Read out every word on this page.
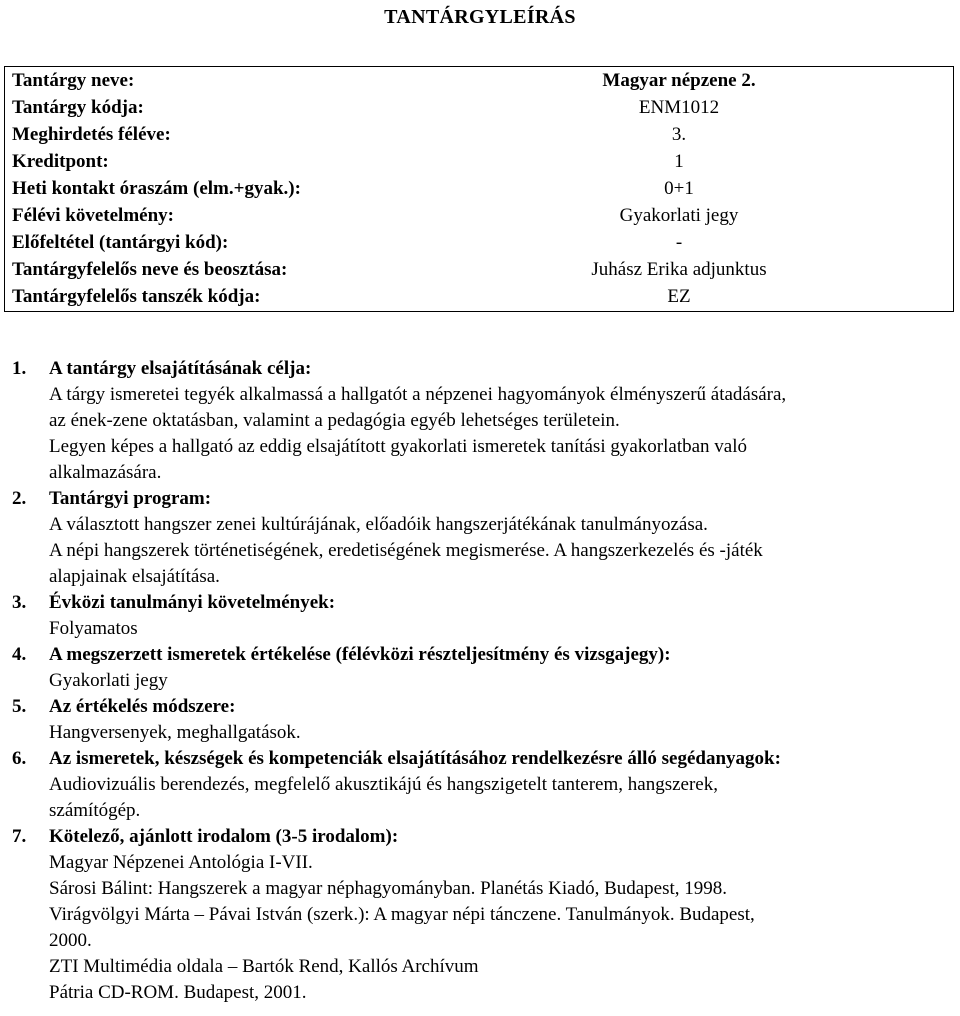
TANTÁRGYLEÍRÁS
Tantárgy neve:	Magyar népzene 2.
Tantárgy kódja:	ENM1012
Meghirdetés féléve:	3.
Kreditpont:	1
Heti kontakt óraszám (elm.+gyak.):	0+1
Félévi követelmény:	Gyakorlati jegy
Előfeltétel (tantárgyi kód):	-
Tantárgyfelelős neve és beosztása:	Juhász Erika adjunktus
Tantárgyfelelős tanszék kódja:	EZ
1. A tantárgy elsajátításának célja:
A tárgy ismeretei tegyék alkalmassá a hallgatót a népzenei hagyományok élményszerű átadására,
az ének-zene oktatásban, valamint a pedagógia egyéb lehetséges területein.
Legyen képes a hallgató az eddig elsajátított gyakorlati ismeretek tanítási gyakorlatban való
alkalmazására.
2. Tantárgyi program:
A választott hangszer zenei kultúrájának, előadóik hangszerjátékának tanulmányozása.
A népi hangszerek történetiségének, eredetiségének megismerése. A hangszerkezelés és -játék
alapjainak elsajátítása.
3. Évközi tanulmányi követelmények:
Folyamatos
4. A megszerzett ismeretek értékelése (félévközi részteljesítmény és vizsgajegy):
Gyakorlati jegy
5. Az értékelés módszere:
Hangversenyek, meghallgatások.
6. Az ismeretek, készségek és kompetenciák elsajátításához rendelkezésre álló segédanyagok:
Audiovizuális berendezés, megfelelő akusztikájú és hangszigetelt tanterem, hangszerek,
számítógép.
7. Kötelező, ajánlott irodalom (3-5 irodalom):
Magyar Népzenei Antológia I-VII.
Sárosi Bálint: Hangszerek a magyar néphagyományban. Planétás Kiadó, Budapest, 1998.
Virágvölgyi Márta – Pávai István (szerk.): A magyar népi tánczene. Tanulmányok. Budapest,
2000.
ZTI Multimédia oldala – Bartók Rend, Kallós Archívum
Pátria CD-ROM. Budapest, 2001.
